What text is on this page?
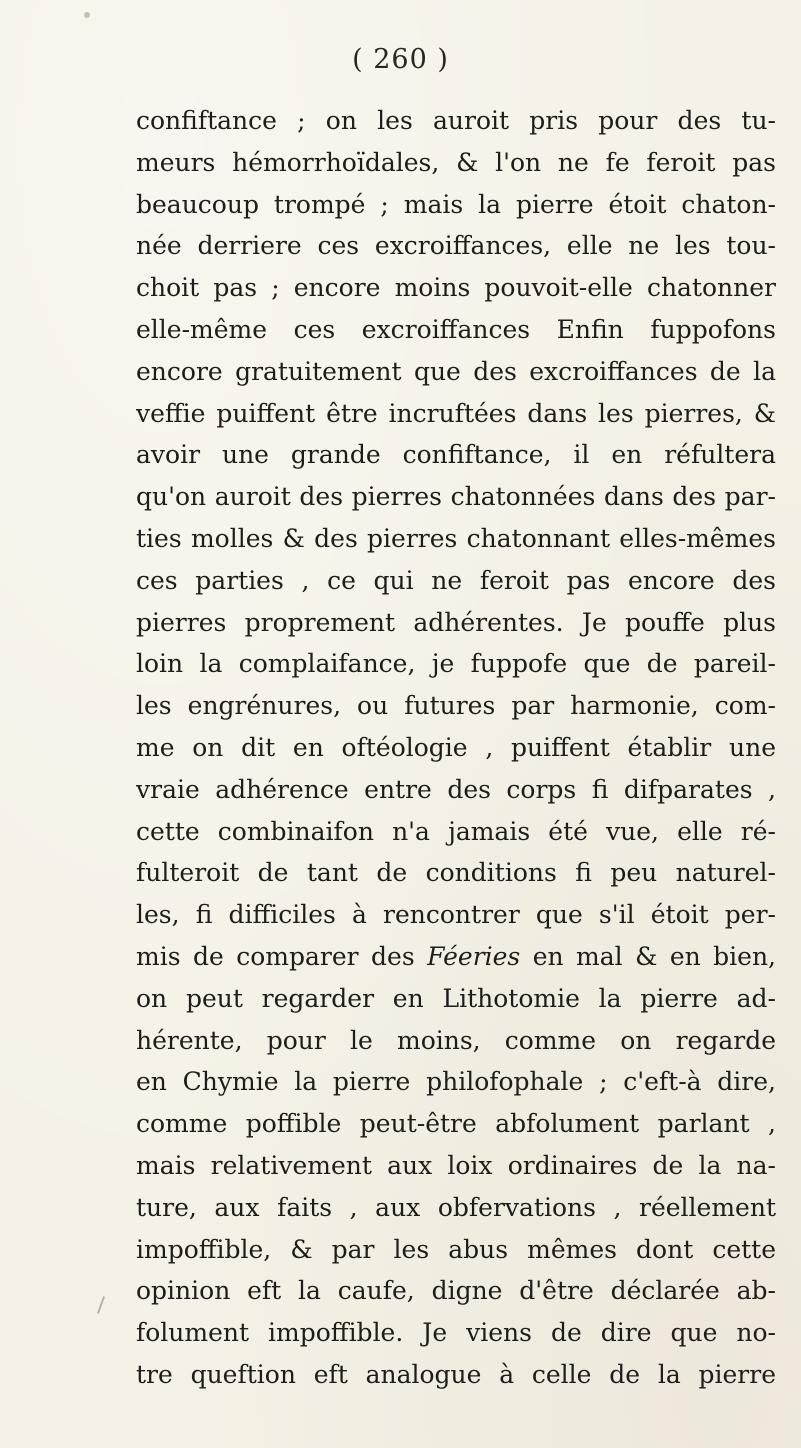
( 260 )
confiftance ; on les auroit pris pour des tu-
meurs hémorrhoïdales, & l'on ne fe feroit pas
beaucoup trompé ; mais la pierre étoit chaton-
née derriere ces excroiffances, elle ne les tou-
choit pas ; encore moins pouvoit-elle chatonner
elle-même ces excroiffances Enfin fuppofons
encore gratuitement que des excroiffances de la
veffie puiffent être incruftées dans les pierres, &
avoir une grande confiftance, il en réfultera
qu'on auroit des pierres chatonnées dans des par-
ties molles & des pierres chatonnant elles-mêmes
ces parties , ce qui ne feroit pas encore des
pierres proprement adhérentes. Je pouffe plus
loin la complaifance, je fuppofe que de pareil-
les engrénures, ou futures par harmonie, com-
me on dit en oftéologie , puiffent établir une
vraie adhérence entre des corps fi difparates ,
cette combinaifon n'a jamais été vue, elle ré-
fulteroit de tant de conditions fi peu naturel-
les, fi difficiles à rencontrer que s'il étoit per-
mis de comparer des Féeries en mal & en bien,
on peut regarder en Lithotomie la pierre ad-
hérente, pour le moins, comme on regarde
en Chymie la pierre philofophale ; c'eft-à dire,
comme poffible peut-être abfolument parlant ,
mais relativement aux loix ordinaires de la na-
ture, aux faits , aux obfervations , réellement
impoffible, & par les abus mêmes dont cette
opinion eft la caufe, digne d'être déclarée ab-
folument impoffible. Je viens de dire que no-
tre queftion eft analogue à celle de la pierre
